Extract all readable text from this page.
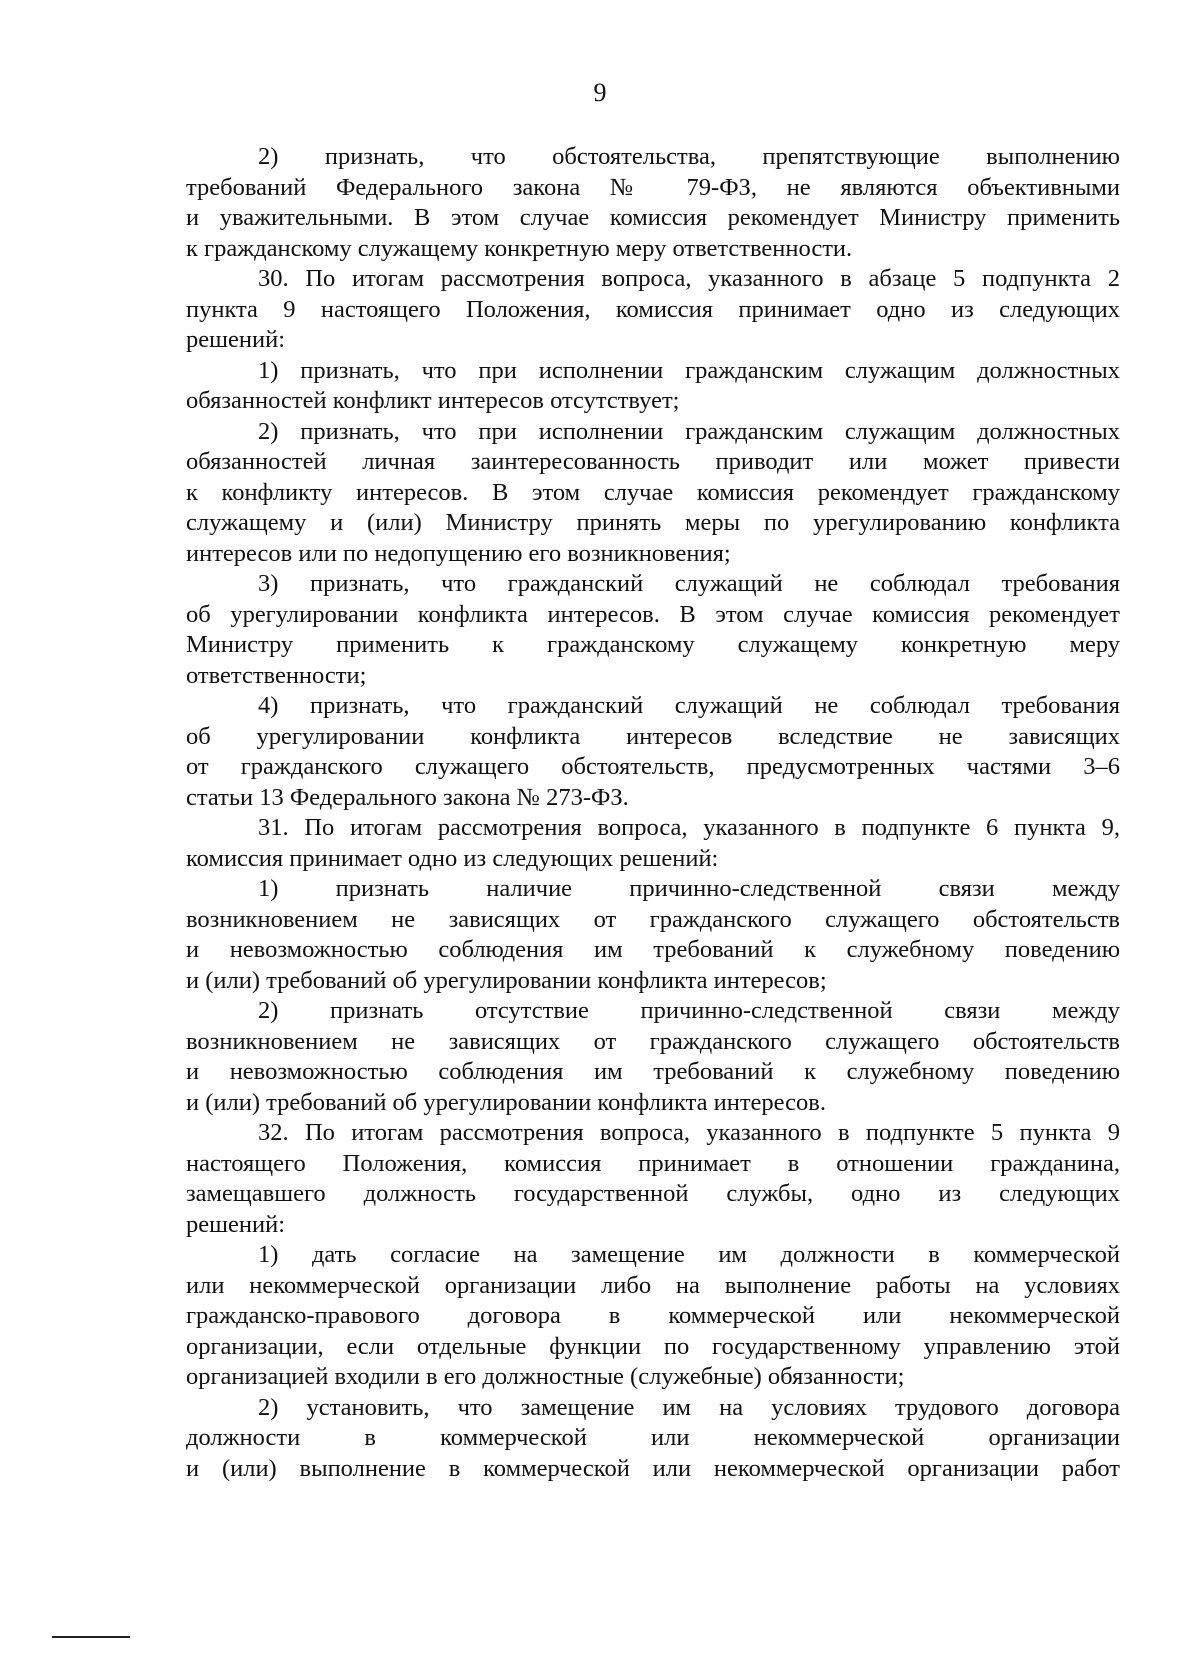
9
2) признать, что обстоятельства, препятствующие выполнению
требований Федерального закона № 79-ФЗ, не являются объективными
и уважительными. В этом случае комиссия рекомендует Министру применить
к гражданскому служащему конкретную меру ответственности.
30. По итогам рассмотрения вопроса, указанного в абзаце 5 подпункта 2
пункта 9 настоящего Положения, комиссия принимает одно из следующих
решений:
1) признать, что при исполнении гражданским служащим должностных
обязанностей конфликт интересов отсутствует;
2) признать, что при исполнении гражданским служащим должностных
обязанностей личная заинтересованность приводит или может привести
к конфликту интересов. В этом случае комиссия рекомендует гражданскому
служащему и (или) Министру принять меры по урегулированию конфликта
интересов или по недопущению его возникновения;
3) признать, что гражданский служащий не соблюдал требования
об урегулировании конфликта интересов. В этом случае комиссия рекомендует
Министру применить к гражданскому служащему конкретную меру
ответственности;
4) признать, что гражданский служащий не соблюдал требования
об урегулировании конфликта интересов вследствие не зависящих
от гражданского служащего обстоятельств, предусмотренных частями 3–6
статьи 13 Федерального закона № 273-ФЗ.
31. По итогам рассмотрения вопроса, указанного в подпункте 6 пункта 9,
комиссия принимает одно из следующих решений:
1) признать наличие причинно-следственной связи между
возникновением не зависящих от гражданского служащего обстоятельств
и невозможностью соблюдения им требований к служебному поведению
и (или) требований об урегулировании конфликта интересов;
2) признать отсутствие причинно-следственной связи между
возникновением не зависящих от гражданского служащего обстоятельств
и невозможностью соблюдения им требований к служебному поведению
и (или) требований об урегулировании конфликта интересов.
32. По итогам рассмотрения вопроса, указанного в подпункте 5 пункта 9
настоящего Положения, комиссия принимает в отношении гражданина,
замещавшего должность государственной службы, одно из следующих
решений:
1) дать согласие на замещение им должности в коммерческой
или некоммерческой организации либо на выполнение работы на условиях
гражданско-правового договора в коммерческой или некоммерческой
организации, если отдельные функции по государственному управлению этой
организацией входили в его должностные (служебные) обязанности;
2) установить, что замещение им на условиях трудового договора
должности в коммерческой или некоммерческой организации
и (или) выполнение в коммерческой или некоммерческой организации работ
